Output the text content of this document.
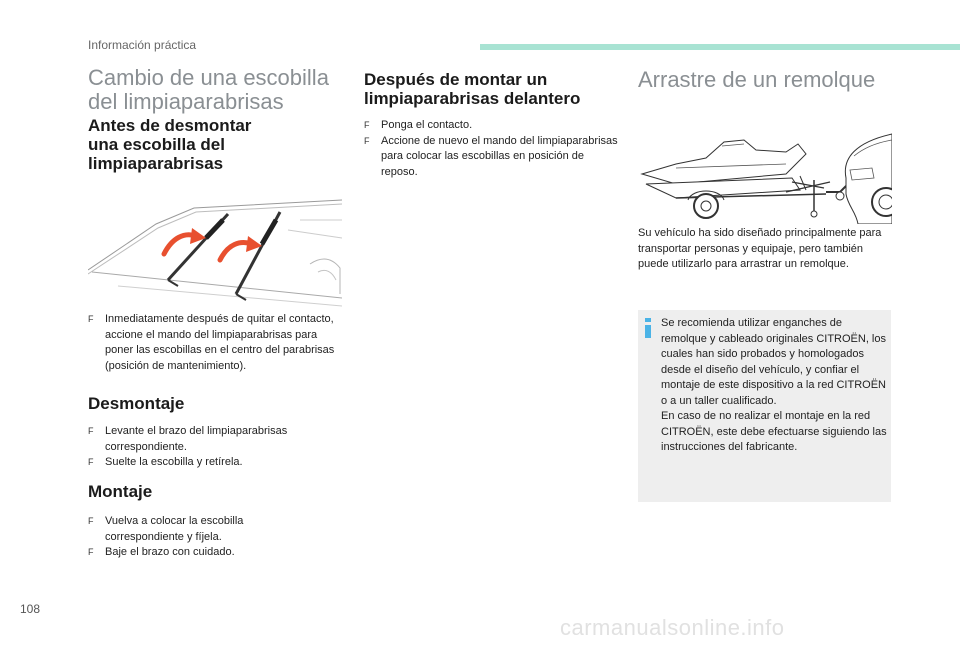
Información práctica

Cambio de una escobilla

del limpiaparabrisas

Antes de desmontar

una escobilla del

limpiaparabrisas

F Inmediatamente después de quitar el contacto, accione el mando del limpiaparabrisas para poner las escobillas en el centro del parabrisas (posición de mantenimiento).

Desmontaje

F Levante el brazo del limpiaparabrisas correspondiente.
F Suelte la escobilla y retírela.

Montaje

F Vuelva a colocar la escobilla correspondiente y fíjela.
F Baje el brazo con cuidado.

Después de montar un

limpiaparabrisas delantero

F Ponga el contacto.
F Accione de nuevo el mando del limpiaparabrisas para colocar las escobillas en posición de reposo.

Arrastre de un remolque

Su vehículo ha sido diseñado principalmente para transportar personas y equipaje, pero también puede utilizarlo para arrastrar un remolque.

Se recomienda utilizar enganches de remolque y cableado originales CITROËN, los cuales han sido probados y homologados desde el diseño del vehículo, y confiar el montaje de este dispositivo a la red CITROËN o a un taller cualificado.

En caso de no realizar el montaje en la red CITROËN, este debe efectuarse siguiendo las instrucciones del fabricante.

108
carmanualsonline.info
